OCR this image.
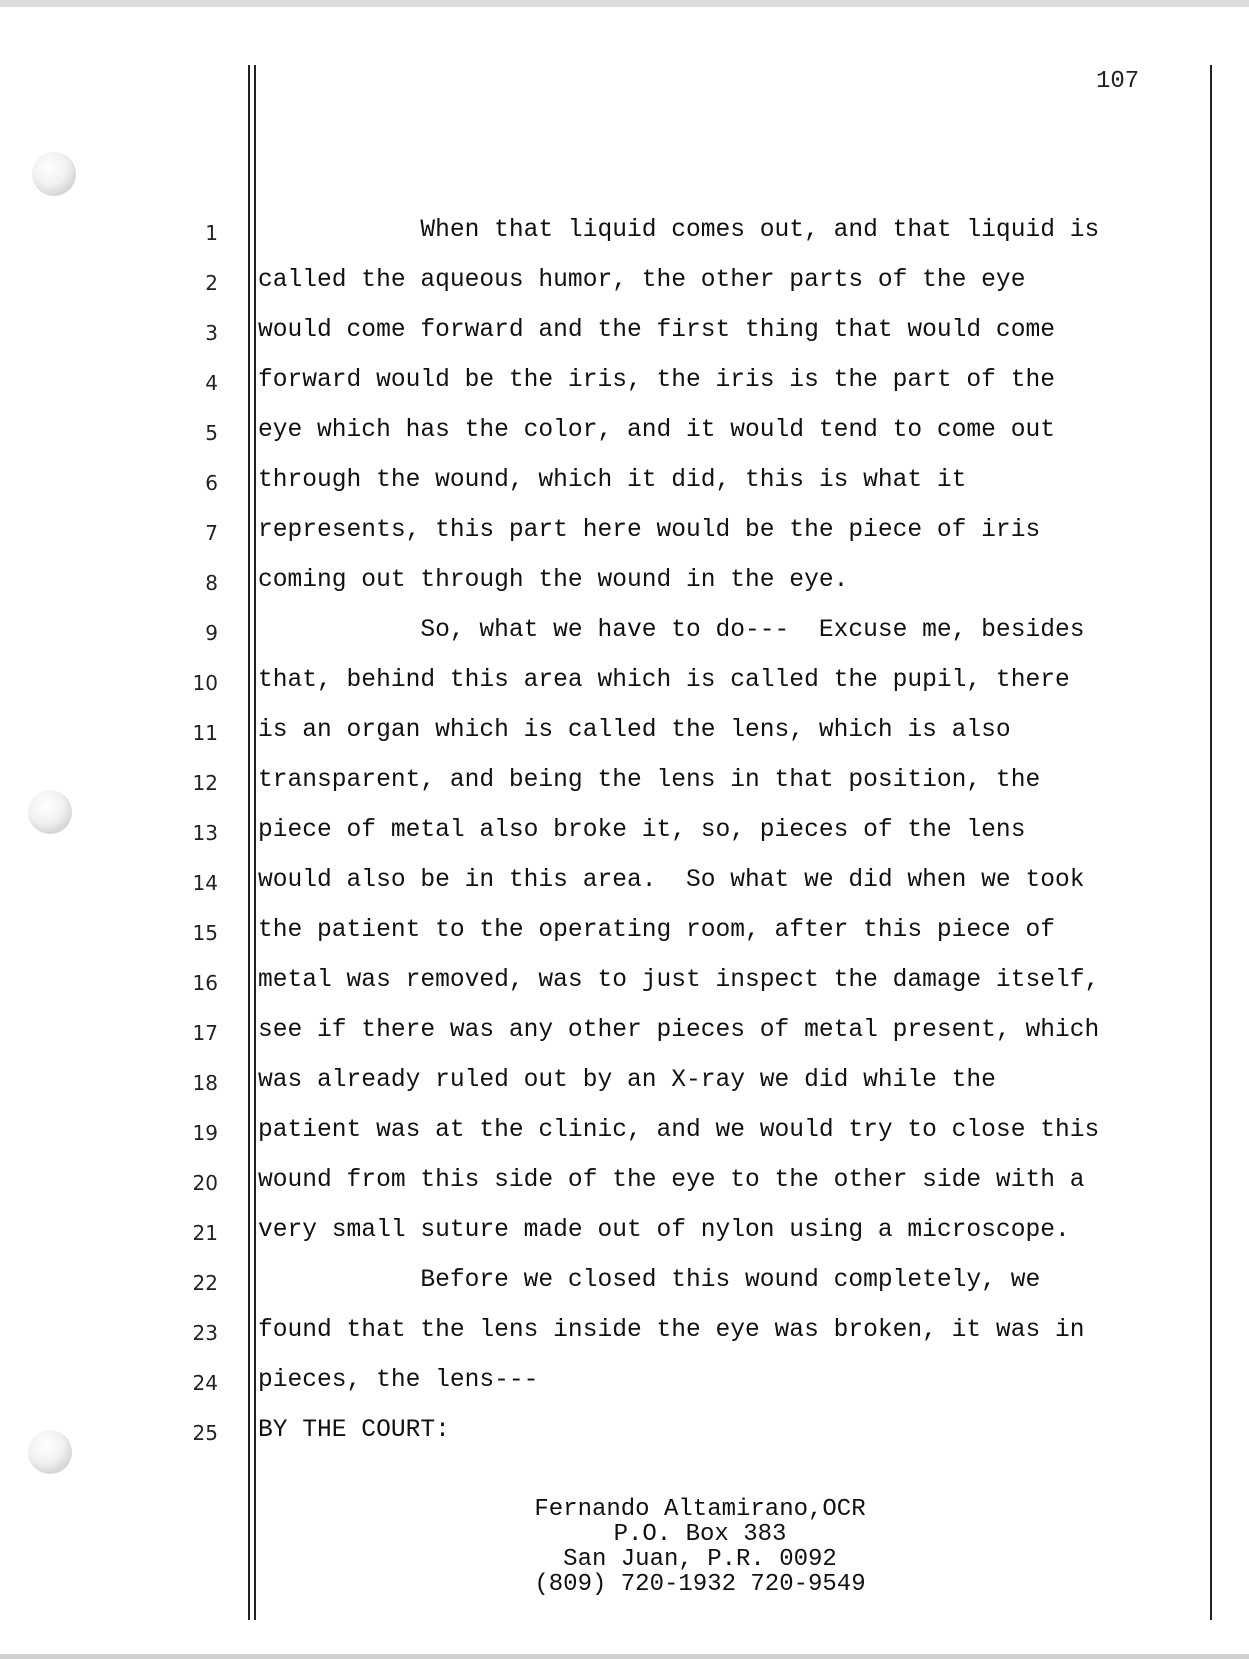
107
1
2
3
4
5
6
7
8
9
10
11
12
13
14
15
16
17
18
19
20
21
22
23
24
25
When that liquid comes out, and that liquid is
called the aqueous humor, the other parts of the eye
would come forward and the first thing that would come
forward would be the iris, the iris is the part of the
eye which has the color, and it would tend to come out
through the wound, which it did, this is what it
represents, this part here would be the piece of iris
coming out through the wound in the eye.
So, what we have to do---  Excuse me, besides
that, behind this area which is called the pupil, there
is an organ which is called the lens, which is also
transparent, and being the lens in that position, the
piece of metal also broke it, so, pieces of the lens
would also be in this area.  So what we did when we took
the patient to the operating room, after this piece of
metal was removed, was to just inspect the damage itself,
see if there was any other pieces of metal present, which
was already ruled out by an X-ray we did while the
patient was at the clinic, and we would try to close this
wound from this side of the eye to the other side with a
very small suture made out of nylon using a microscope.
Before we closed this wound completely, we
found that the lens inside the eye was broken, it was in
pieces, the lens---
BY THE COURT:
Fernando Altamirano,OCR
P.O. Box 383
San Juan, P.R. 0092
(809) 720-1932 720-9549
